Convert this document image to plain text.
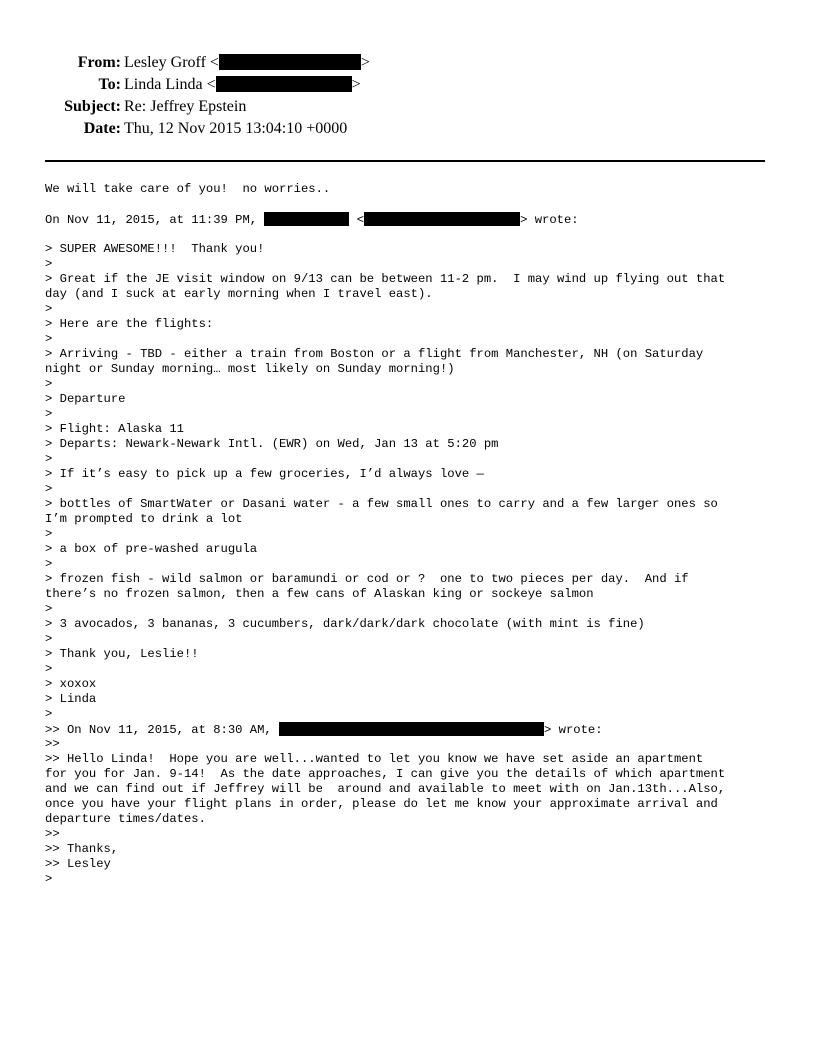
From: Lesley Groff <	>
To: Linda Linda <	>
Subject: Re: Jeffrey Epstein
Date: Thu, 12 Nov 2015 13:04:10 +0000
We will take care of you!  no worries..
On Nov 11, 2015, at 11:39 PM,	<	> wrote:
> SUPER AWESOME!!!  Thank you!
>
> Great if the JE visit window on 9/13 can be between 11-2 pm.  I may wind up flying out that
day (and I suck at early morning when I travel east).
>
> Here are the flights:
>
> Arriving - TBD - either a train from Boston or a flight from Manchester, NH (on Saturday
night or Sunday morning… most likely on Sunday morning!)
>
> Departure
>
> Flight: Alaska 11
> Departs: Newark-Newark Intl. (EWR) on Wed, Jan 13 at 5:20 pm
>
> If it’s easy to pick up a few groceries, I’d always love —
>
> bottles of SmartWater or Dasani water - a few small ones to carry and a few larger ones so
I’m prompted to drink a lot
>
> a box of pre-washed arugula
>
> frozen fish - wild salmon or baramundi or cod or ?  one to two pieces per day.  And if
there’s no frozen salmon, then a few cans of Alaskan king or sockeye salmon
>
> 3 avocados, 3 bananas, 3 cucumbers, dark/dark/dark chocolate (with mint is fine)
>
> Thank you, Leslie!!
>
> xoxox
> Linda
>
>> On Nov 11, 2015, at 8:30 AM,	> wrote:
>>
>> Hello Linda!  Hope you are well...wanted to let you know we have set aside an apartment
for you for Jan. 9-14!  As the date approaches, I can give you the details of which apartment
and we can find out if Jeffrey will be  around and available to meet with on Jan.13th...Also,
once you have your flight plans in order, please do let me know your approximate arrival and
departure times/dates.
>>
>> Thanks,
>> Lesley
>
